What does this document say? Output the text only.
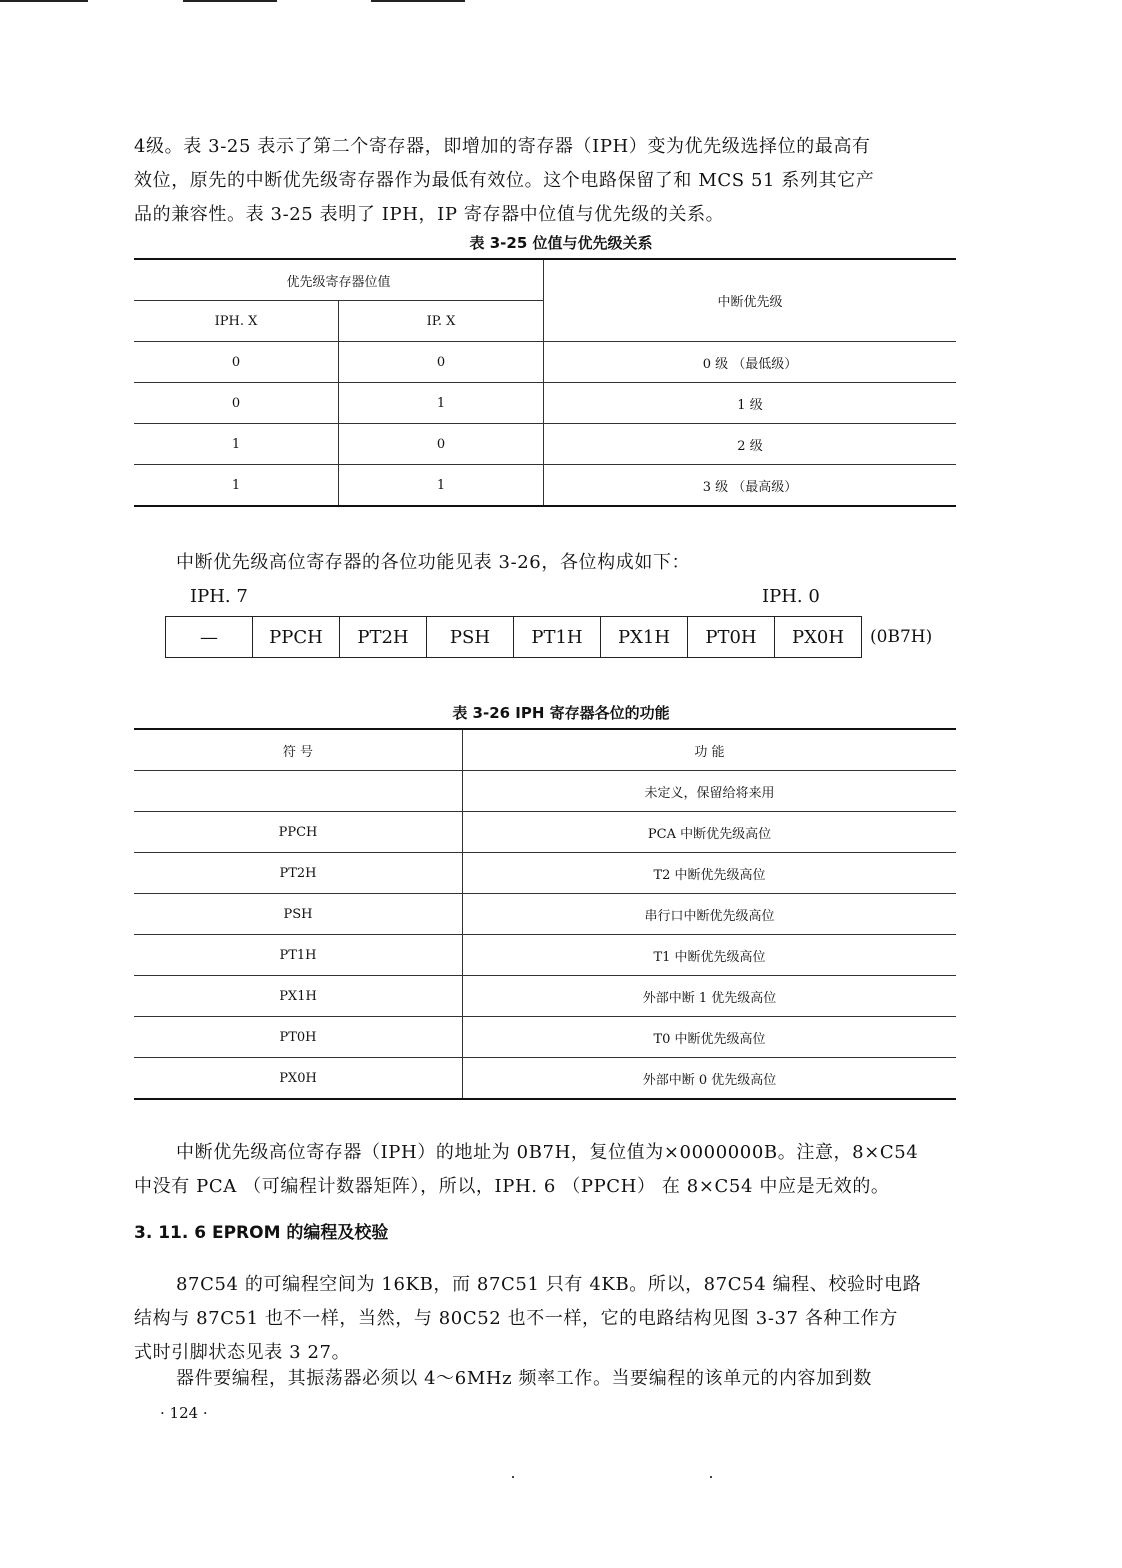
4级。表 3-25 表示了第二个寄存器，即增加的寄存器（IPH）变为优先级选择位的最高有

效位，原先的中断优先级寄存器作为最低有效位。这个电路保留了和 MCS 51 系列其它产

品的兼容性。表 3-25 表明了 IPH，IP 寄存器中位值与优先级的关系。

表 3-25 位值与优先级关系
优先级寄存器位值		中断优先级
IPH. X	IP. X	
0	0	0 级 （最低级）
0	1	1 级
1	0	2 级
1	1	3 级 （最高级）

中断优先级高位寄存器的各位功能见表 3-26，各位构成如下：

IPH. 7	IPH. 0
—	PPCH	PT2H	PSH	PT1H	PX1H	PT0H	PX0H	(0B7H)
表 3-26 IPH 寄存器各位的功能
符 号	功 能
	未定义，保留给将来用
PPCH	PCA 中断优先级高位
PT2H	T2 中断优先级高位
PSH	串行口中断优先级高位
PT1H	T1 中断优先级高位
PX1H	外部中断 1 优先级高位
PT0H	T0 中断优先级高位
PX0H	外部中断 0 优先级高位

中断优先级高位寄存器（IPH）的地址为 0B7H，复位值为×0000000B。注意，8×C54

中没有 PCA （可编程计数器矩阵），所以，IPH. 6 （PPCH） 在 8×C54 中应是无效的。

3. 11. 6 EPROM 的编程及校验

87C54 的可编程空间为 16KB，而 87C51 只有 4KB。所以，87C54 编程、校验时电路

结构与 87C51 也不一样，当然，与 80C52 也不一样，它的电路结构见图 3-37 各种工作方

式时引脚状态见表 3 27。

器件要编程，其振荡器必须以 4～6MHz 频率工作。当要编程的该单元的内容加到数

· 124 ·
